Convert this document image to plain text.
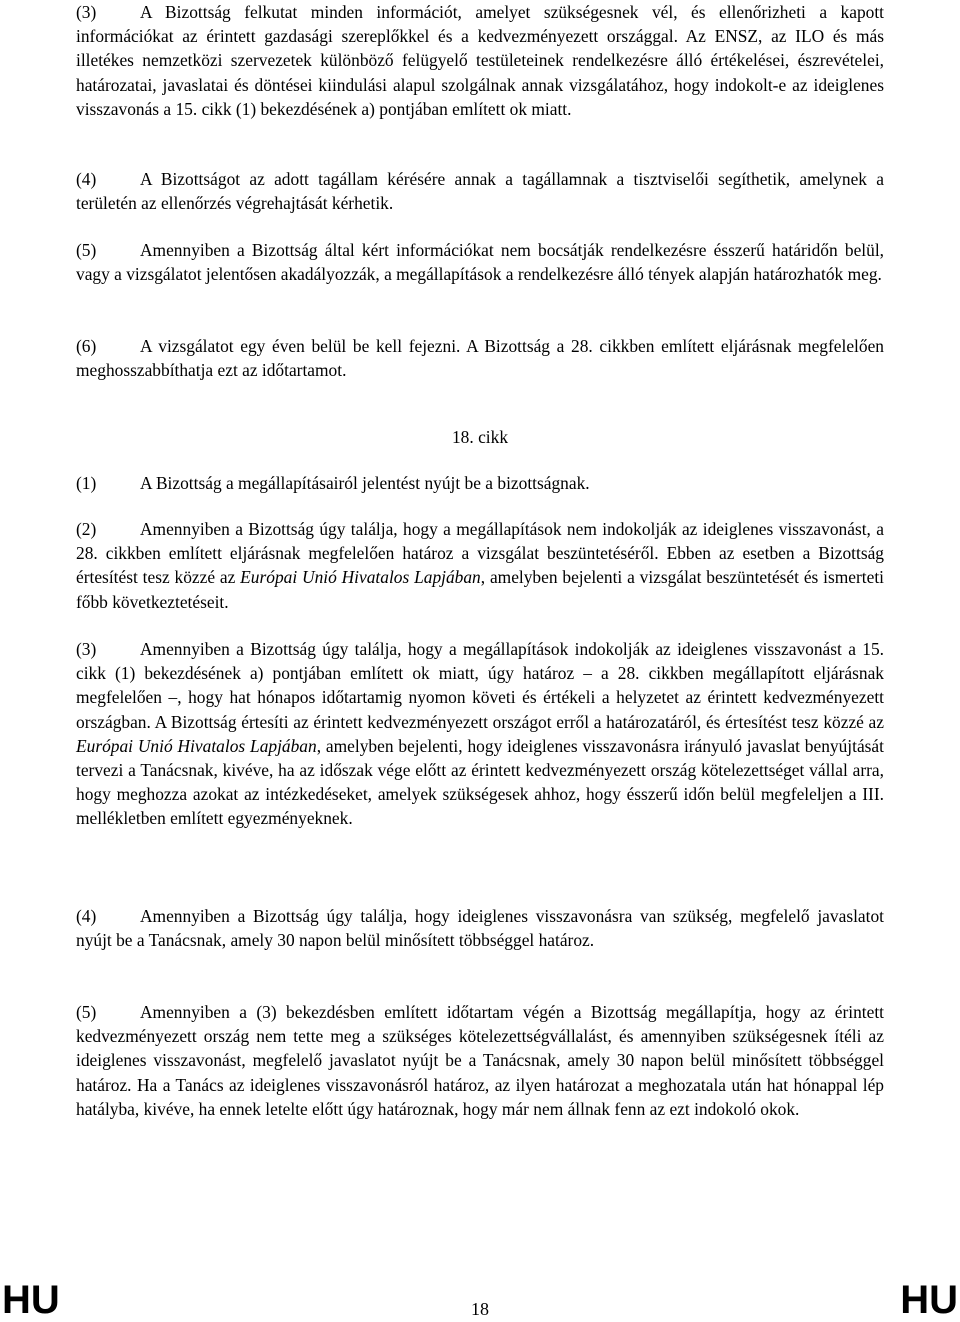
(3)	A Bizottság felkutat minden információt, amelyet szükségesnek vél, és ellenőrizheti a kapott információkat az érintett gazdasági szereplőkkel és a kedvezményezett országgal. Az ENSZ, az ILO és más illetékes nemzetközi szervezetek különböző felügyelő testületeinek rendelkezésre álló értékelései, észrevételei, határozatai, javaslatai és döntései kiindulási alapul szolgálnak annak vizsgálatához, hogy indokolt-e az ideiglenes visszavonás a 15. cikk (1) bekezdésének a) pontjában említett ok miatt.

(4)	A Bizottságot az adott tagállam kérésére annak a tagállamnak a tisztviselői segíthetik, amelynek a területén az ellenőrzés végrehajtását kérhetik.

(5)	Amennyiben a Bizottság által kért információkat nem bocsátják rendelkezésre ésszerű határidőn belül, vagy a vizsgálatot jelentősen akadályozzák, a megállapítások a rendelkezésre álló tények alapján határozhatók meg.

(6)	A vizsgálatot egy éven belül be kell fejezni. A Bizottság a 28. cikkben említett eljárásnak megfelelően meghosszabbíthatja ezt az időtartamot.

18. cikk

(1)	A Bizottság a megállapításairól jelentést nyújt be a bizottságnak.

(2)	Amennyiben a Bizottság úgy találja, hogy a megállapítások nem indokolják az ideiglenes visszavonást, a 28. cikkben említett eljárásnak megfelelően határoz a vizsgálat beszüntetéséről. Ebben az esetben a Bizottság értesítést tesz közzé az Európai Unió Hivatalos Lapjában, amelyben bejelenti a vizsgálat beszüntetését és ismerteti főbb következtetéseit.

(3)	Amennyiben a Bizottság úgy találja, hogy a megállapítások indokolják az ideiglenes visszavonást a 15. cikk (1) bekezdésének a) pontjában említett ok miatt, úgy határoz – a 28. cikkben megállapított eljárásnak megfelelően –, hogy hat hónapos időtartamig nyomon követi és értékeli a helyzetet az érintett kedvezményezett országban. A Bizottság értesíti az érintett kedvezményezett országot erről a határozatáról, és értesítést tesz közzé az Európai Unió Hivatalos Lapjában, amelyben bejelenti, hogy ideiglenes visszavonásra irányuló javaslat benyújtását tervezi a Tanácsnak, kivéve, ha az időszak vége előtt az érintett kedvezményezett ország kötelezettséget vállal arra, hogy meghozza azokat az intézkedéseket, amelyek szükségesek ahhoz, hogy ésszerű időn belül megfeleljen a III. mellékletben említett egyezményeknek.

(4)	Amennyiben a Bizottság úgy találja, hogy ideiglenes visszavonásra van szükség, megfelelő javaslatot nyújt be a Tanácsnak, amely 30 napon belül minősített többséggel határoz.

(5)	Amennyiben a (3) bekezdésben említett időtartam végén a Bizottság megállapítja, hogy az érintett kedvezményezett ország nem tette meg a szükséges kötelezettségvállalást, és amennyiben szükségesnek ítéli az ideiglenes visszavonást, megfelelő javaslatot nyújt be a Tanácsnak, amely 30 napon belül minősített többséggel határoz. Ha a Tanács az ideiglenes visszavonásról határoz, az ilyen határozat a meghozatala után hat hónappal lép hatályba, kivéve, ha ennek letelte előtt úgy határoznak, hogy már nem állnak fenn az ezt indokoló okok.

HU	18	HU
